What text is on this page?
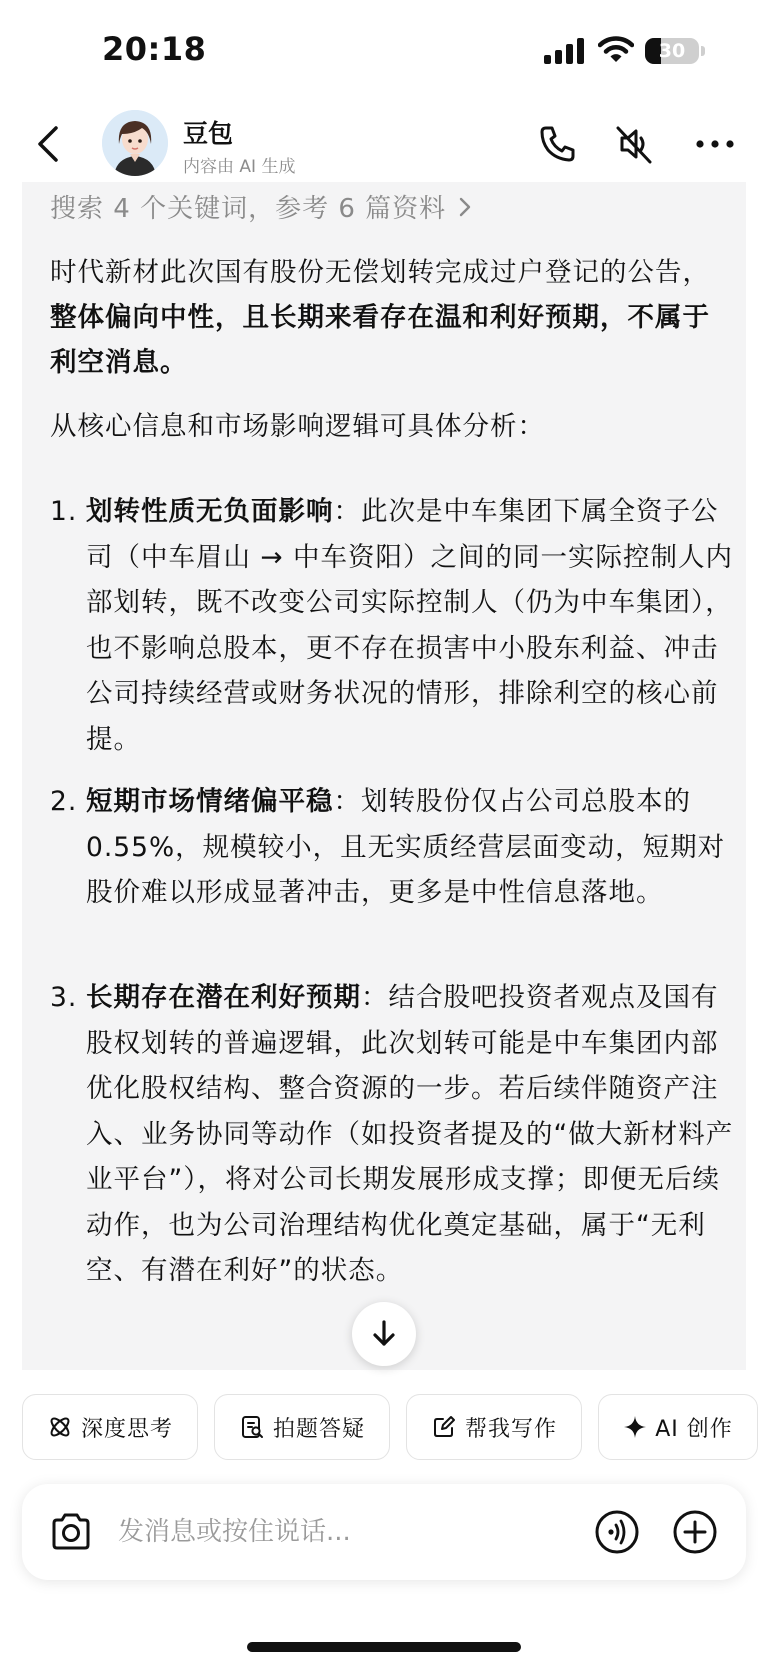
20:18	30
豆包
内容由 AI 生成
搜索 4 个关键词，参考 6 篇资料

时代新材此次国有股份无偿划转完成过户登记的公告，整体偏向中性，且长期来看存在温和利好预期，不属于利空消息。

从核心信息和市场影响逻辑可具体分析：

1. 划转性质无负面影响：此次是中车集团下属全资子公司（中车眉山 → 中车资阳）之间的同一实际控制人内部划转，既不改变公司实际控制人（仍为中车集团），也不影响总股本，更不存在损害中小股东利益、冲击公司持续经营或财务状况的情形，排除利空的核心前提。
2. 短期市场情绪偏平稳：划转股份仅占公司总股本的0.55%，规模较小，且无实质经营层面变动，短期对股价难以形成显著冲击，更多是中性信息落地。
3. 长期存在潜在利好预期：结合股吧投资者观点及国有股权划转的普遍逻辑，此次划转可能是中车集团内部优化股权结构、整合资源的一步。若后续伴随资产注入、业务协同等动作（如投资者提及的“做大新材料产业平台”），将对公司长期发展形成支撑；即便无后续动作，也为公司治理结构优化奠定基础，属于“无利空、有潜在利好”的状态。
深度思考	拍题答疑	帮我写作	AI 创作
发消息或按住说话...
